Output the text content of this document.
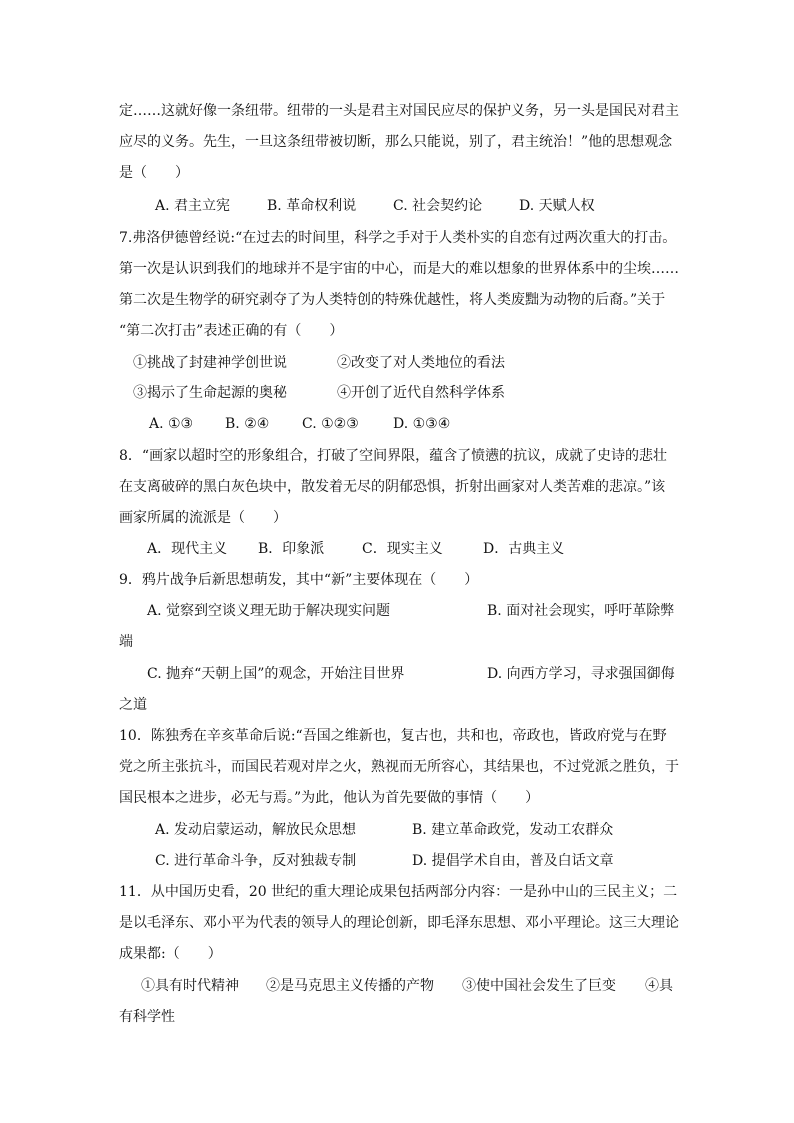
定……这就好像一条纽带。纽带的一头是君主对国民应尽的保护义务，另一头是国民对君主
应尽的义务。先生，一旦这条纽带被切断，那么只能说，别了，君主统治！”他的思想观念
是（　　）
A. 君主立宪	B. 革命权利说	C. 社会契约论	D. 天赋人权
7.弗洛伊德曾经说:“在过去的时间里，科学之手对于人类朴实的自恋有过两次重大的打击。
第一次是认识到我们的地球并不是宇宙的中心，而是大的难以想象的世界体系中的尘埃……
第二次是生物学的研究剥夺了为人类特创的特殊优越性，将人类废黜为动物的后裔。”关于
“第二次打击”表述正确的有（　　）
①挑战了封建神学创世说	②改变了对人类地位的看法
③揭示了生命起源的奥秘	④开创了近代自然科学体系
A. ①③ B. ②④ C. ①②③ D. ①③④
8．“画家以超时空的形象组合，打破了空间界限，蕴含了愤懑的抗议，成就了史诗的悲壮
在支离破碎的黑白灰色块中，散发着无尽的阴郁恐惧，折射出画家对人类苦难的悲凉。”该
画家所属的流派是（　　）
A．现代主义 B．印象派	C．现实主义	D．古典主义
9．鸦片战争后新思想萌发，其中“新”主要体现在（　　）
A. 觉察到空谈义理无助于解决现实问题	B. 面对社会现实，呼吁革除弊
端
C. 抛弃“天朝上国”的观念，开始注目世界	D. 向西方学习，寻求强国御侮
之道
10．陈独秀在辛亥革命后说:“吾国之维新也，复古也，共和也，帝政也，皆政府党与在野
党之所主张抗斗，而国民若观对岸之火，熟视而无所容心，其结果也，不过党派之胜负，于
国民根本之进步，必无与焉。”为此，他认为首先要做的事情（　　）
A. 发动启蒙运动，解放民众思想	B. 建立革命政党，发动工农群众
C. 进行革命斗争，反对独裁专制	D. 提倡学术自由，普及白话文章
11．从中国历史看，20 世纪的重大理论成果包括两部分内容：一是孙中山的三民主义；二
是以毛泽东、邓小平为代表的领导人的理论创新，即毛泽东思想、邓小平理论。这三大理论
成果都:（　　）
①具有时代精神 ②是马克思主义传播的产物 ③使中国社会发生了巨变 ④具
有科学性
